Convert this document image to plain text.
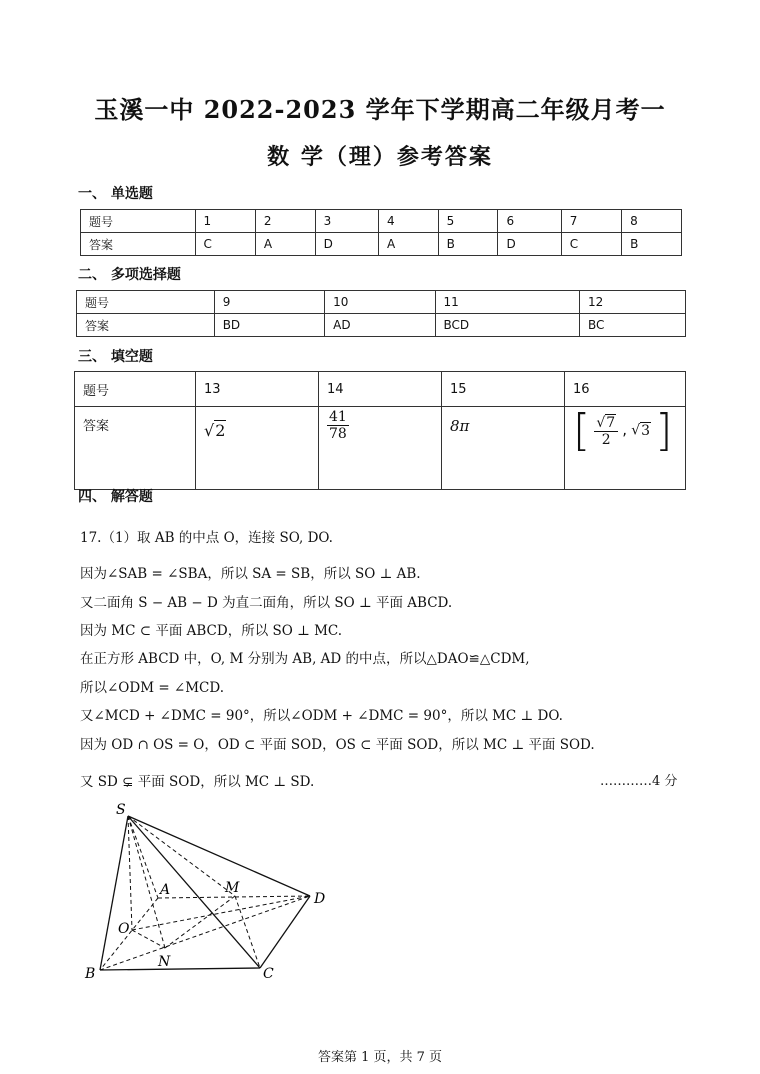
玉溪一中 2022-2023 学年下学期高二年级月考一
数 学（理）参考答案
一、 单选题
题号	1	2	3	4	5	6	7	8
答案	C	A	D	A	B	D	C	B
二、 多项选择题
题号	9	10	11	12
答案	BD	AD	BCD	BC
三、 填空题
题号	13	14	15	16
答案	√2	$\frac{41}{78}$	8π	[ $\frac{√7}{2}$ , √3 ]
四、 解答题
17.（1）取 AB 的中点 O，连接 SO, DO.
因为∠SAB = ∠SBA，所以 SA = SB，所以 SO ⊥ AB.
又二面角 S − AB − D 为直二面角，所以 SO ⊥ 平面 ABCD.
因为 MC ⊂ 平面 ABCD，所以 SO ⊥ MC.
在正方形 ABCD 中，O, M 分别为 AB, AD 的中点，所以△DAO≌△CDM,
所以∠ODM = ∠MCD.
又∠MCD + ∠DMC = 90°，所以∠ODM + ∠DMC = 90°，所以 MC ⊥ DO.
因为 OD ∩ OS = O，OD ⊂ 平面 SOD，OS ⊂ 平面 SOD，所以 MC ⊥ 平面 SOD.
又 SD ⊊ 平面 SOD，所以 MC ⊥ SD.	…………4 分
S
A	M
D
O
N
B	C
答案第 1 页，共 7 页
